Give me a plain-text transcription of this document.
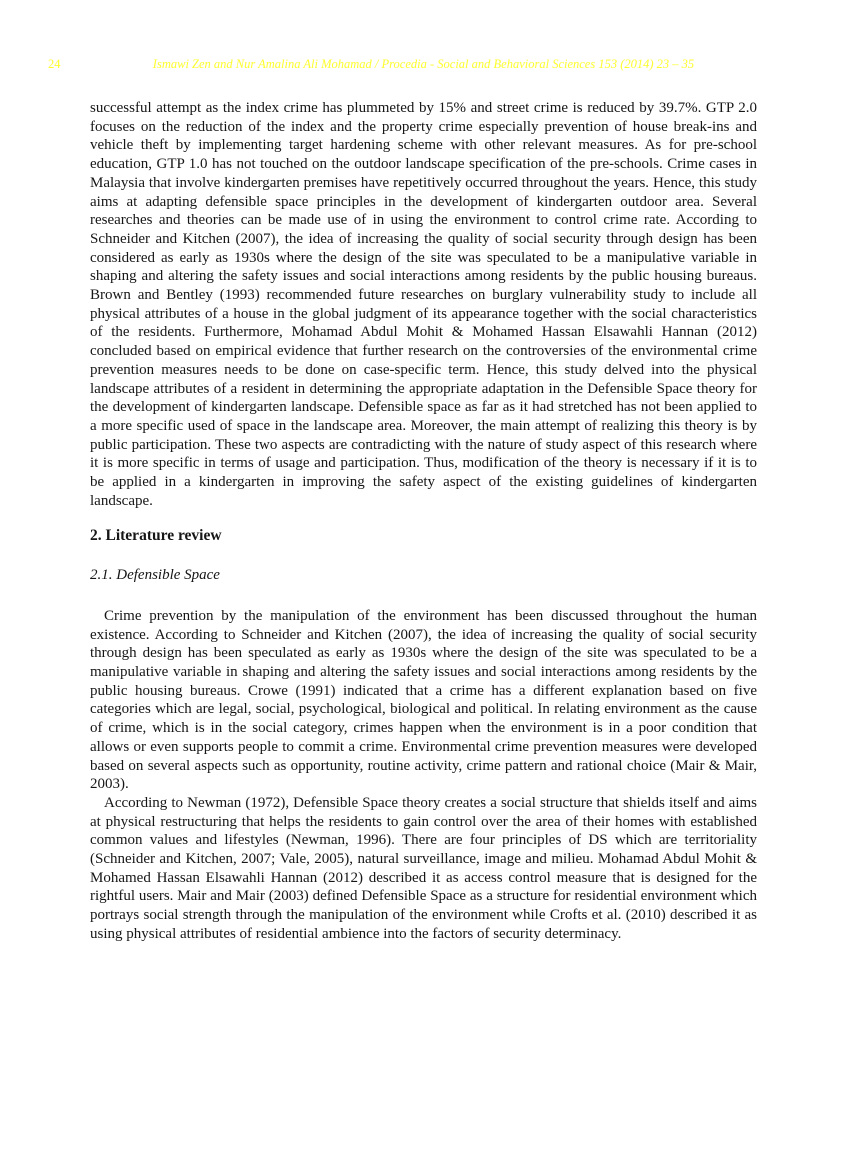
24	Ismawi Zen and Nur Amalina Ali Mohamad / Procedia - Social and Behavioral Sciences 153 (2014) 23 – 35

successful attempt as the index crime has plummeted by 15% and street crime is reduced by 39.7%. GTP 2.0 focuses on the reduction of the index and the property crime especially prevention of house break-ins and vehicle theft by implementing target hardening scheme with other relevant measures. As for pre-school education, GTP 1.0 has not touched on the outdoor landscape specification of the pre-schools. Crime cases in Malaysia that involve kindergarten premises have repetitively occurred throughout the years. Hence, this study aims at adapting defensible space principles in the development of kindergarten outdoor area. Several researches and theories can be made use of in using the environment to control crime rate. According to Schneider and Kitchen (2007), the idea of increasing the quality of social security through design has been considered as early as 1930s where the design of the site was speculated to be a manipulative variable in shaping and altering the safety issues and social interactions among residents by the public housing bureaus. Brown and Bentley (1993) recommended future researches on burglary vulnerability study to include all physical attributes of a house in the global judgment of its appearance together with the social characteristics of the residents. Furthermore, Mohamad Abdul Mohit & Mohamed Hassan Elsawahli Hannan (2012) concluded based on empirical evidence that further research on the controversies of the environmental crime prevention measures needs to be done on case-specific term. Hence, this study delved into the physical landscape attributes of a resident in determining the appropriate adaptation in the Defensible Space theory for the development of kindergarten landscape. Defensible space as far as it had stretched has not been applied to a more specific used of space in the landscape area. Moreover, the main attempt of realizing this theory is by public participation. These two aspects are contradicting with the nature of study aspect of this research where it is more specific in terms of usage and participation. Thus, modification of the theory is necessary if it is to be applied in a kindergarten in improving the safety aspect of the existing guidelines of kindergarten landscape.

2. Literature review
2.1. Defensible Space

Crime prevention by the manipulation of the environment has been discussed throughout the human existence. According to Schneider and Kitchen (2007), the idea of increasing the quality of social security through design has been speculated as early as 1930s where the design of the site was speculated to be a manipulative variable in shaping and altering the safety issues and social interactions among residents by the public housing bureaus. Crowe (1991) indicated that a crime has a different explanation based on five categories which are legal, social, psychological, biological and political. In relating environment as the cause of crime, which is in the social category, crimes happen when the environment is in a poor condition that allows or even supports people to commit a crime. Environmental crime prevention measures were developed based on several aspects such as opportunity, routine activity, crime pattern and rational choice (Mair & Mair, 2003).

According to Newman (1972), Defensible Space theory creates a social structure that shields itself and aims at physical restructuring that helps the residents to gain control over the area of their homes with established common values and lifestyles (Newman, 1996). There are four principles of DS which are territoriality (Schneider and Kitchen, 2007; Vale, 2005), natural surveillance, image and milieu. Mohamad Abdul Mohit & Mohamed Hassan Elsawahli Hannan (2012) described it as access control measure that is designed for the rightful users. Mair and Mair (2003) defined Defensible Space as a structure for residential environment which portrays social strength through the manipulation of the environment while Crofts et al. (2010) described it as using physical attributes of residential ambience into the factors of security determinacy.
